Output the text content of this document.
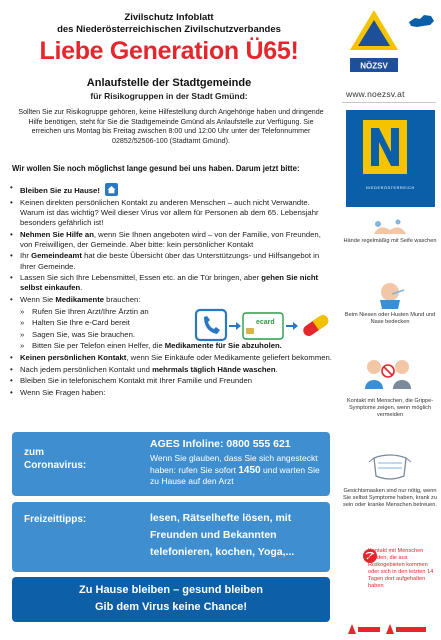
Zivilschutz Infoblatt
des Niederösterreichischen Zivilschutzverbandes
Liebe Generation Ü65!
Anlaufstelle der Stadtgemeinde
für Risikogruppen in der Stadt Gmünd:
Sollten Sie zur Risikogruppe gehören, keine Hilfestellung durch Angehörige haben und dringende Hilfe benötigen, steht für Sie die Stadtgemeinde Gmünd als Anlaufstelle zur Verfügung. Sie erreichen uns Montag bis Freitag zwischen 8:00 und 12:00 Uhr unter der Telefonnummer 02852/52506-100 (Stadtamt Gmünd).
Wir wollen Sie noch möglichst lange gesund bei uns haben. Darum jetzt bitte:
• Bleiben Sie zu Hause!
• Keinen direkten persönlichen Kontakt zu anderen Menschen – auch nicht Verwandte. Warum ist das wichtig? Weil dieser Virus vor allem für Personen ab dem 65. Lebensjahr besonders gefährlich ist!
• Nehmen Sie Hilfe an, wenn Sie Ihnen angeboten wird – von der Familie, von Freunden, von Freiwilligen, der Gemeinde. Aber bitte: kein persönlicher Kontakt
• Ihr Gemeindeamt hat die beste Übersicht über das Unterstützungs- und Hilfsangebot in Ihrer Gemeinde.
• Lassen Sie sich Ihre Lebensmittel, Essen etc. an die Tür bringen, aber gehen Sie nicht selbst einkaufen.
• Wenn Sie Medikamente brauchen:
» Rufen Sie Ihren Arzt/Ihre Ärztin an
» Halten Sie Ihre e-Card bereit
» Sagen Sie, was Sie brauchen.
» Bitten Sie per Telefon einen Helfer, die Medikamente für Sie abzuholen.
• Keinen persönlichen Kontakt, wenn Sie Einkäufe oder Medikamente geliefert bekommen.
• Nach jedem persönlichen Kontakt und mehrmals täglich Hände waschen.
• Bleiben Sie in telefonischem Kontakt mit Ihrer Familie und Freunden
• Wenn Sie Fragen haben:
ecard
zum
Coronavirus:
AGES Infoline: 0800 555 621
Wenn Sie glauben, dass Sie sich angesteckt haben: rufen Sie sofort 1450 und warten Sie zu Hause auf den Arzt
Freizeittipps:	lesen, Rätselhefte lösen, mit Freunden und Bekannten telefonieren, kochen, Yoga,...
Zu Hause bleiben – gesund bleiben
Gib dem Virus keine Chance!
NÖZSV
www.noezsv.at
NIEDERÖSTERREICH
Hände regelmäßig mit Seife waschen
Beim Niesen oder Husten Mund und Nase bedecken
Kontakt mit Menschen, die Grippe-Symptome zeigen, wenn möglich vermeiden
Gesichtsmasken sind nur nötig, wenn Sie selbst Symptome haben, krank zu sein oder kranke Menschen betreuen.
Kontakt mit Menschen meiden, die aus Risikogebieten kommen oder sich in den letzten 14 Tagen dort aufgehalten haben
